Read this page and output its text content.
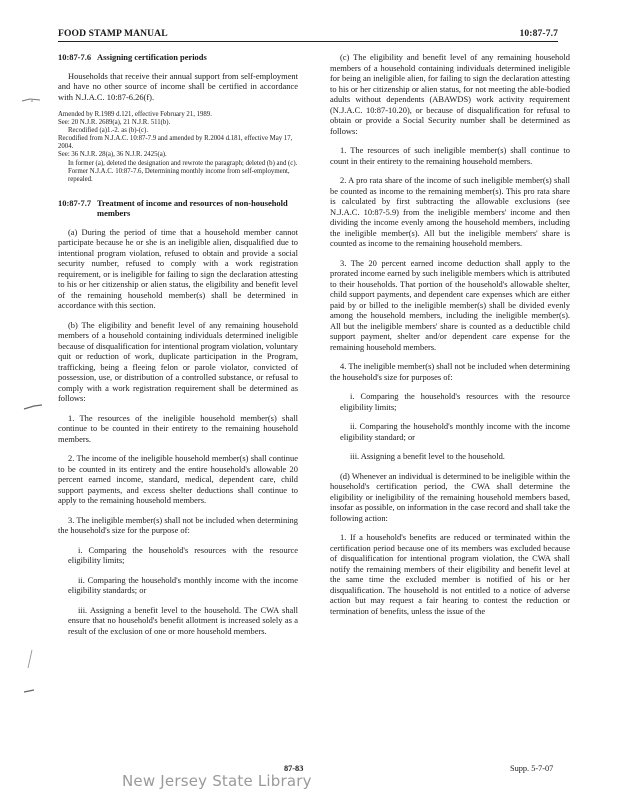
FOOD STAMP MANUAL	10:87-7.7
10:87-7.6 Assigning certification periods

Households that receive their annual support from self-employment and have no other source of income shall be certified in accordance with N.J.A.C. 10:87-6.26(f).

Amended by R.1989 d.121, effective February 21, 1989.
See: 20 N.J.R. 2689(a), 21 N.J.R. 511(b).
Recodified (a)1.-2. as (b)-(c).
Recodified from N.J.A.C. 10:87-7.9 and amended by R.2004 d.181, effective May 17, 2004.
See: 36 N.J.R. 28(a), 36 N.J.R. 2425(a).
In former (a), deleted the designation and rewrote the paragraph; deleted (b) and (c). Former N.J.A.C. 10:87-7.6, Determining monthly income from self-employment, repealed.
10:87-7.7 Treatment of income and resources of non-household members

(a) During the period of time that a household member cannot participate because he or she is an ineligible alien, disqualified due to intentional program violation, refused to obtain and provide a social security number, refused to comply with a work registration requirement, or is ineligible for failing to sign the declaration attesting to his or her citizenship or alien status, the eligibility and benefit level of the remaining household member(s) shall be determined in accordance with this section.

(b) The eligibility and benefit level of any remaining household members of a household containing individuals determined ineligible because of disqualification for intentional program violation, voluntary quit or reduction of work, duplicate participation in the Program, trafficking, being a fleeing felon or parole violator, convicted of possession, use, or distribution of a controlled substance, or refusal to comply with a work registration requirement shall be determined as follows:

1. The resources of the ineligible household member(s) shall continue to be counted in their entirety to the remaining household members.

2. The income of the ineligible household member(s) shall continue to be counted in its entirety and the entire household's allowable 20 percent earned income, standard, medical, dependent care, child support payments, and excess shelter deductions shall continue to apply to the remaining household members.

3. The ineligible member(s) shall not be included when determining the household's size for the purpose of:

i. Comparing the household's resources with the resource eligibility limits;

ii. Comparing the household's monthly income with the income eligibility standards; or

iii. Assigning a benefit level to the household. The CWA shall ensure that no household's benefit allotment is increased solely as a result of the exclusion of one or more household members.

(c) The eligibility and benefit level of any remaining household members of a household containing individuals determined ineligible for being an ineligible alien, for failing to sign the declaration attesting to his or her citizenship or alien status, for not meeting the able-bodied adults without dependents (ABAWDS) work activity requirement (N.J.A.C. 10:87-10.20), or because of disqualification for refusal to obtain or provide a Social Security number shall be determined as follows:

1. The resources of such ineligible member(s) shall continue to count in their entirety to the remaining household members.

2. A pro rata share of the income of such ineligible member(s) shall be counted as income to the remaining member(s). This pro rata share is calculated by first subtracting the allowable exclusions (see N.J.A.C. 10:87-5.9) from the ineligible members' income and then dividing the income evenly among the household members, including the ineligible member(s). All but the ineligible members' share is counted as income to the remaining household members.

3. The 20 percent earned income deduction shall apply to the prorated income earned by such ineligible members which is attributed to their households. That portion of the household's allowable shelter, child support payments, and dependent care expenses which are either paid by or billed to the ineligible member(s) shall be divided evenly among the household members, including the ineligible member(s). All but the ineligible members' share is counted as a deductible child support payment, shelter and/or dependent care expense for the remaining household members.

4. The ineligible member(s) shall not be included when determining the household's size for purposes of:

i. Comparing the household's resources with the resource eligibility limits;

ii. Comparing the household's monthly income with the income eligibility standard; or

iii. Assigning a benefit level to the household.

(d) Whenever an individual is determined to be ineligible within the household's certification period, the CWA shall determine the eligibility or ineligibility of the remaining household members based, insofar as possible, on information in the case record and shall take the following action:

1. If a household's benefits are reduced or terminated within the certification period because one of its members was excluded because of disqualification for intentional program violation, the CWA shall notify the remaining members of their eligibility and benefit level at the same time the excluded member is notified of his or her disqualification. The household is not entitled to a notice of adverse action but may request a fair hearing to contest the reduction or termination of benefits, unless the issue of the

New Jersey State Library
87-83	Supp. 5-7-07
